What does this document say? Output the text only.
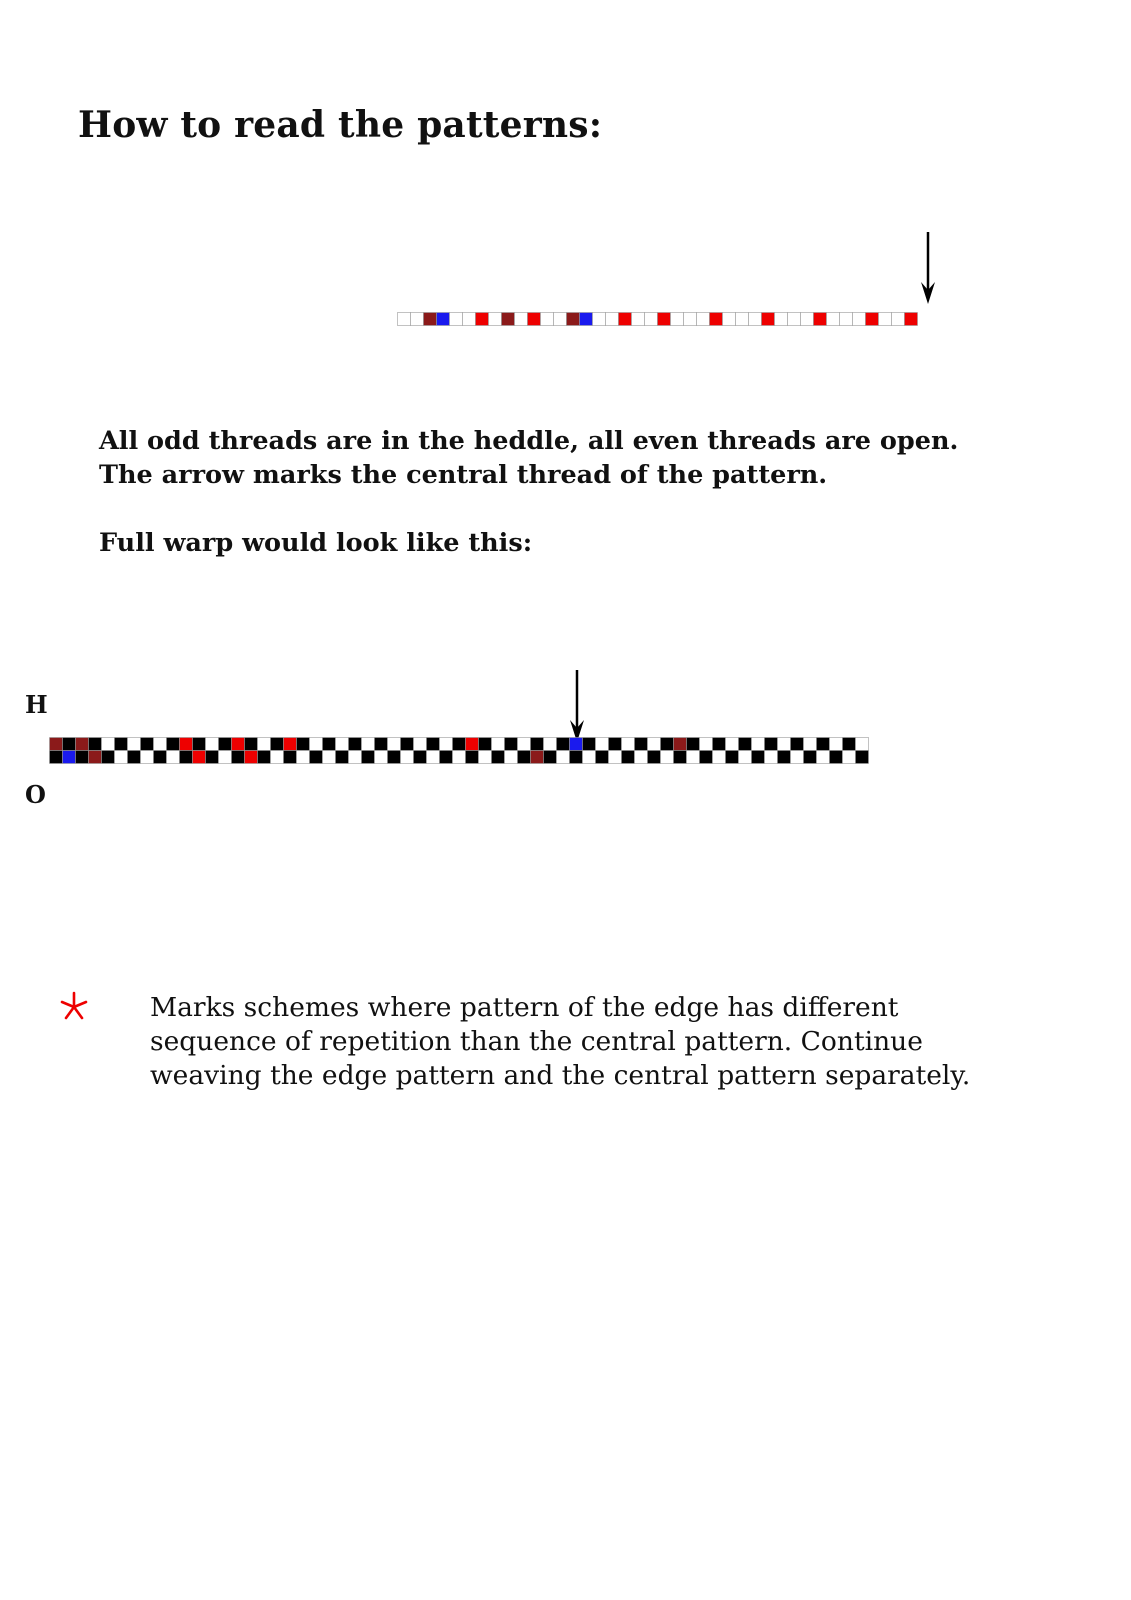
How to read the patterns:

All odd threads are in the heddle, all even threads are open. The arrow marks the central thread of the pattern.

Full warp would look like this:

H
O

Marks schemes where pattern of the edge has different sequence of repetition than the central pattern. Continue weaving the edge pattern and the central pattern separately.
